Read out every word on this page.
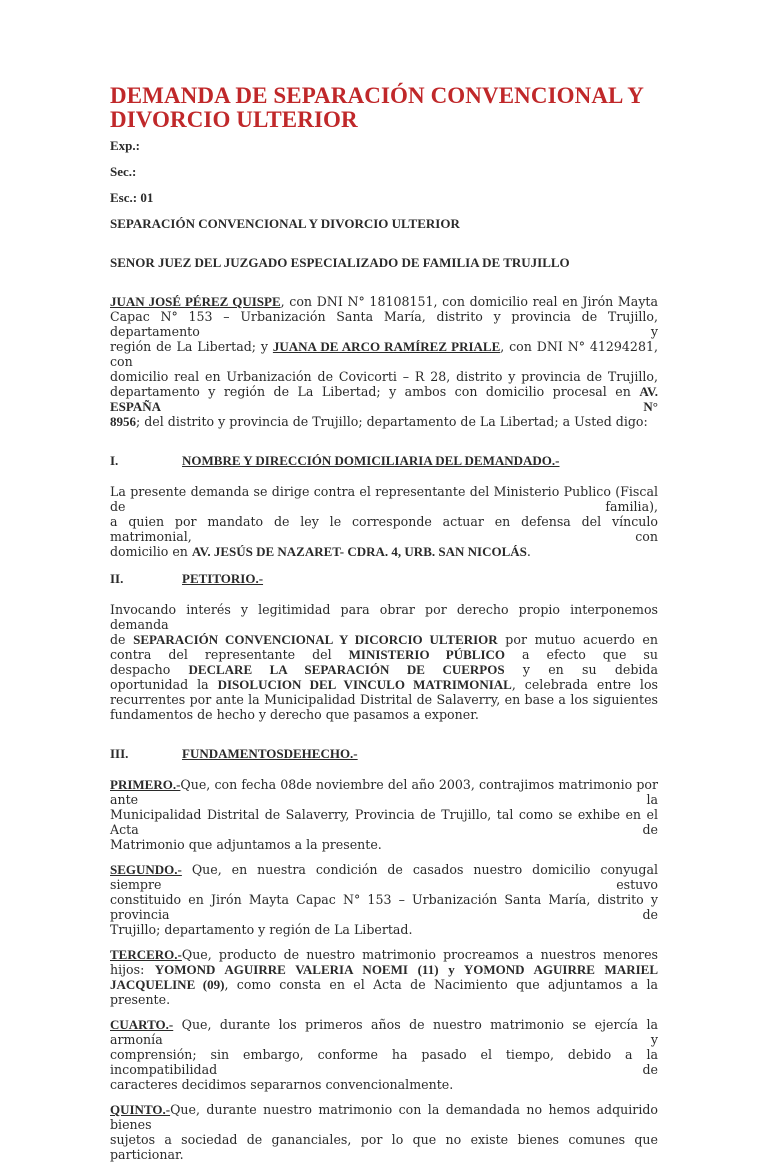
DEMANDA DE SEPARACIÓN CONVENCIONAL Y
DIVORCIO ULTERIOR

Exp.:

Sec.:

Esc.: 01

SEPARACIÓN CONVENCIONAL Y DIVORCIO ULTERIOR

SENOR JUEZ DEL JUZGADO ESPECIALIZADO DE FAMILIA DE TRUJILLO

JUAN JOSÉ PÉREZ QUISPE, con DNI N° 18108151, con domicilio real en Jirón Mayta
Capac N° 153 – Urbanización Santa María, distrito y provincia de Trujillo, departamento y
región de La Libertad; y JUANA DE ARCO RAMÍREZ PRIALE, con DNI N° 41294281, con
domicilio real en Urbanización de Covicorti – R 28, distrito y provincia de Trujillo,
departamento y región de La Libertad; y ambos con domicilio procesal en AV. ESPAÑA N°
8956; del distrito y provincia de Trujillo; departamento de La Libertad; a Usted digo:
I.	NOMBRE Y DIRECCIÓN DOMICILIARIA DEL DEMANDADO.-
La presente demanda se dirige contra el representante del Ministerio Publico (Fiscal de familia),
a quien por mandato de ley le corresponde actuar en defensa del vínculo matrimonial, con
domicilio en AV. JESÚS DE NAZARET- CDRA. 4, URB. SAN NICOLÁS.
II.	PETITORIO.-
Invocando interés y legitimidad para obrar por derecho propio interponemos demanda
de SEPARACIÓN CONVENCIONAL Y DICORCIO ULTERIOR por mutuo acuerdo en
contra del representante del MINISTERIO PÚBLICO a efecto que su
despacho DECLARE LA SEPARACIÓN DE CUERPOS y en su debida
oportunidad la DISOLUCION DEL VINCULO MATRIMONIAL, celebrada entre los
recurrentes por ante la Municipalidad Distrital de Salaverry, en base a los siguientes
fundamentos de hecho y derecho que pasamos a exponer.
III.	FUNDAMENTOSDEHECHO.-
PRIMERO.-Que, con fecha 08de noviembre del año 2003, contrajimos matrimonio por ante la
Municipalidad Distrital de Salaverry, Provincia de Trujillo, tal como se exhibe en el Acta de
Matrimonio que adjuntamos a la presente.
SEGUNDO.- Que, en nuestra condición de casados nuestro domicilio conyugal siempre estuvo
constituido en Jirón Mayta Capac N° 153 – Urbanización Santa María, distrito y provincia de
Trujillo; departamento y región de La Libertad.
TERCERO.-Que, producto de nuestro matrimonio procreamos a nuestros menores
hijos: YOMOND AGUIRRE VALERIA NOEMI (11) y YOMOND AGUIRRE MARIEL
JACQUELINE (09), como consta en el Acta de Nacimiento que adjuntamos a la presente.
CUARTO.- Que, durante los primeros años de nuestro matrimonio se ejercía la armonía y
comprensión; sin embargo, conforme ha pasado el tiempo, debido a la incompatibilidad de
caracteres decidimos separarnos convencionalmente.
QUINTO.-Que, durante nuestro matrimonio con la demandada no hemos adquirido bienes
sujetos a sociedad de gananciales, por lo que no existe bienes comunes que particionar.
